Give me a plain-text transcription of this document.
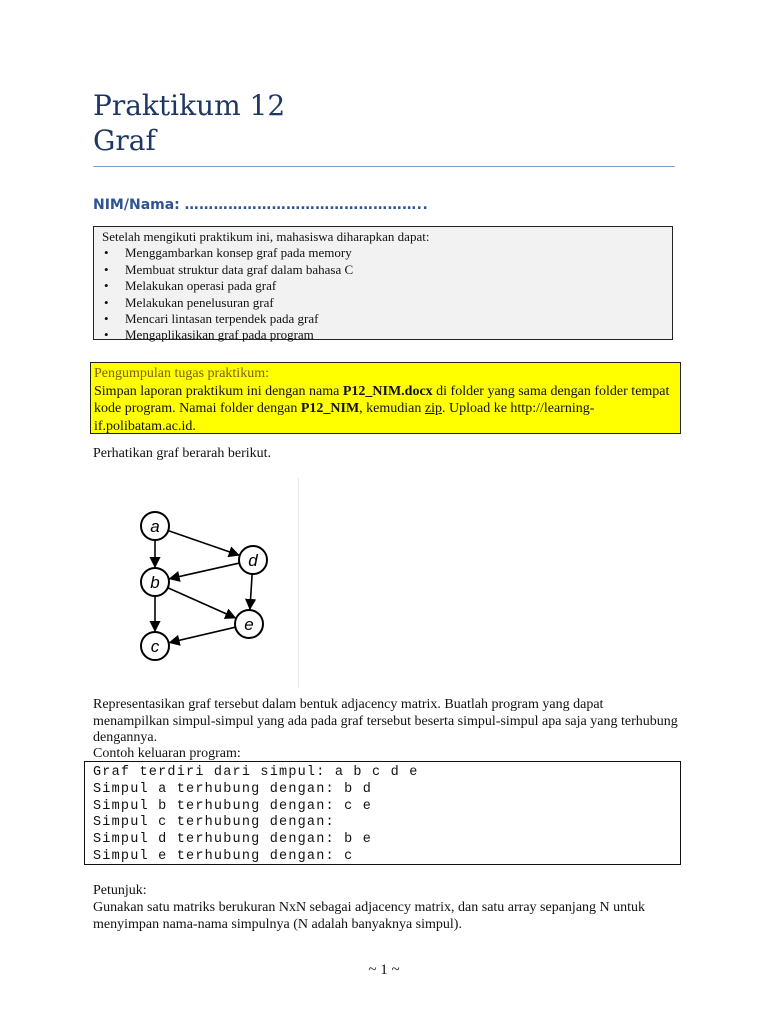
Praktikum 12
Graf
NIM/Nama: …………………………………………..
Setelah mengikuti praktikum ini, mahasiswa diharapkan dapat:
• Menggambarkan konsep graf pada memory
• Membuat struktur data graf dalam bahasa C
• Melakukan operasi pada graf
• Melakukan penelusuran graf
• Mencari lintasan terpendek pada graf
• Mengaplikasikan graf pada program
Pengumpulan tugas praktikum:
Simpan laporan praktikum ini dengan nama P12_NIM.docx di folder yang sama dengan folder tempat kode program. Namai folder dengan P12_NIM, kemudian zip. Upload ke http://learning-if.polibatam.ac.id.

Perhatikan graf berarah berikut.

a
b
c
d
e

Representasikan graf tersebut dalam bentuk adjacency matrix. Buatlah program yang dapat menampilkan simpul-simpul yang ada pada graf tersebut beserta simpul-simpul apa saja yang terhubung dengannya.

Contoh keluaran program:

Graf terdiri dari simpul: a b c d e
Simpul a terhubung dengan: b d
Simpul b terhubung dengan: c e
Simpul c terhubung dengan:
Simpul d terhubung dengan: b e
Simpul e terhubung dengan: c

Petunjuk:

Gunakan satu matriks berukuran NxN sebagai adjacency matrix, dan satu array sepanjang N untuk menyimpan nama-nama simpulnya (N adalah banyaknya simpul).

~ 1 ~
